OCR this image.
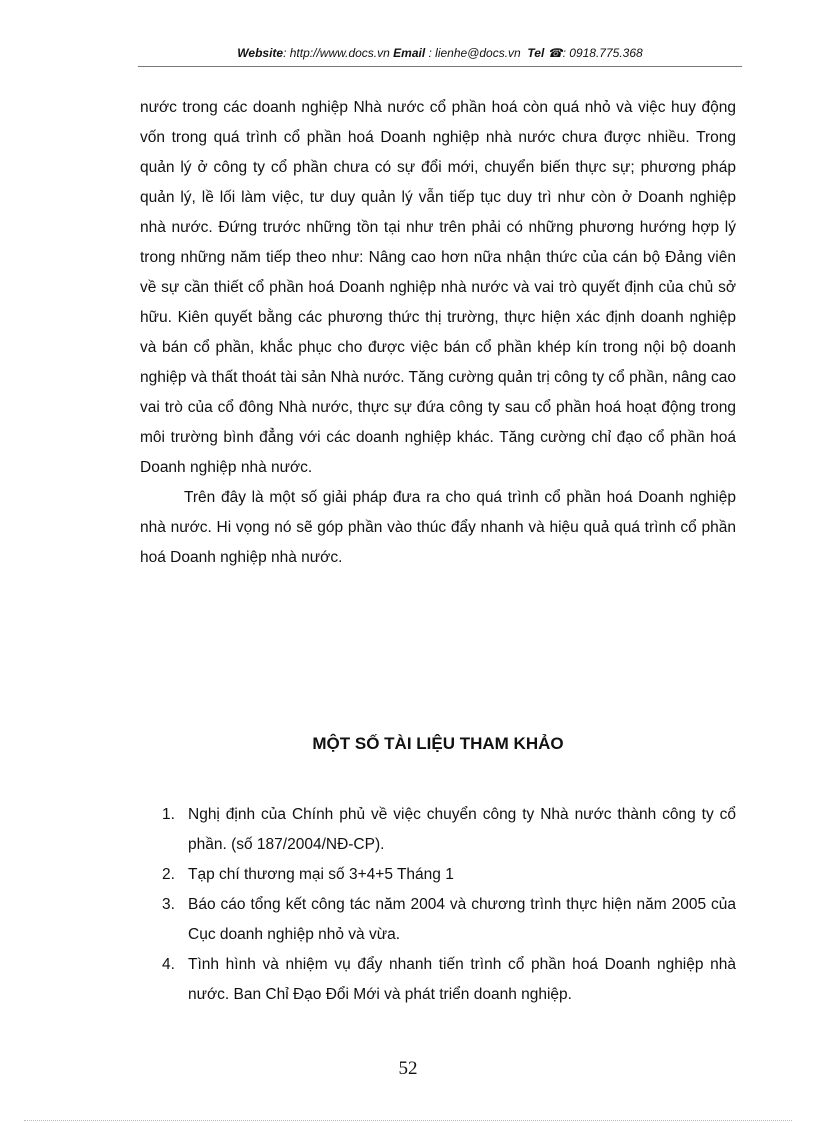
Website: http://www.docs.vn Email : lienhe@docs.vn  Tel ☎: 0918.775.368

nước trong các doanh nghiệp Nhà nước cổ phần hoá còn quá nhỏ và việc huy động vốn trong quá trình cổ phần hoá Doanh nghiệp nhà nước chưa được nhiều. Trong quản lý ở công ty cổ phần chưa có sự đổi mới, chuyển biến thực sự; phương pháp quản lý, lề lối làm việc, tư duy quản lý vẫn tiếp tục duy trì như còn ở Doanh nghiệp nhà nước. Đứng trước những tồn tại như trên phải có những phương hướng hợp lý trong những năm tiếp theo như: Nâng cao hơn nữa nhận thức của cán bộ Đảng viên về sự cần thiết cổ phần hoá Doanh nghiệp nhà nước và vai trò quyết định của chủ sở hữu. Kiên quyết bằng các phương thức thị trường, thực hiện xác định doanh nghiệp và bán cổ phần, khắc phục cho được việc bán cổ phần khép kín trong nội bộ doanh nghiệp và thất thoát tài sản Nhà nước. Tăng cường quản trị công ty cổ phần, nâng cao vai trò của cổ đông Nhà nước, thực sự đứa công ty sau cổ phần hoá hoạt động trong môi trường bình đẳng với các doanh nghiệp khác. Tăng cường chỉ đạo cổ phần hoá Doanh nghiệp nhà nước.

Trên đây là một số giải pháp đưa ra cho quá trình cổ phần hoá Doanh nghiệp nhà nước. Hi vọng nó sẽ góp phần vào thúc đẩy nhanh và hiệu quả quá trình cổ phần hoá Doanh nghiệp nhà nước.

MỘT SỐ TÀI LIỆU THAM KHẢO
1. Nghị định của Chính phủ về việc chuyển công ty Nhà nước thành công ty cổ phần. (số 187/2004/NĐ-CP).
2. Tạp chí thương mại số 3+4+5 Tháng 1
3. Báo cáo tổng kết công tác năm 2004 và chương trình thực hiện năm 2005 của Cục doanh nghiệp nhỏ và vừa.
4. Tình hình và nhiệm vụ đẩy nhanh tiến trình cổ phần hoá Doanh nghiệp nhà nước. Ban Chỉ Đạo Đổi Mới và phát triển doanh nghiệp.
52
